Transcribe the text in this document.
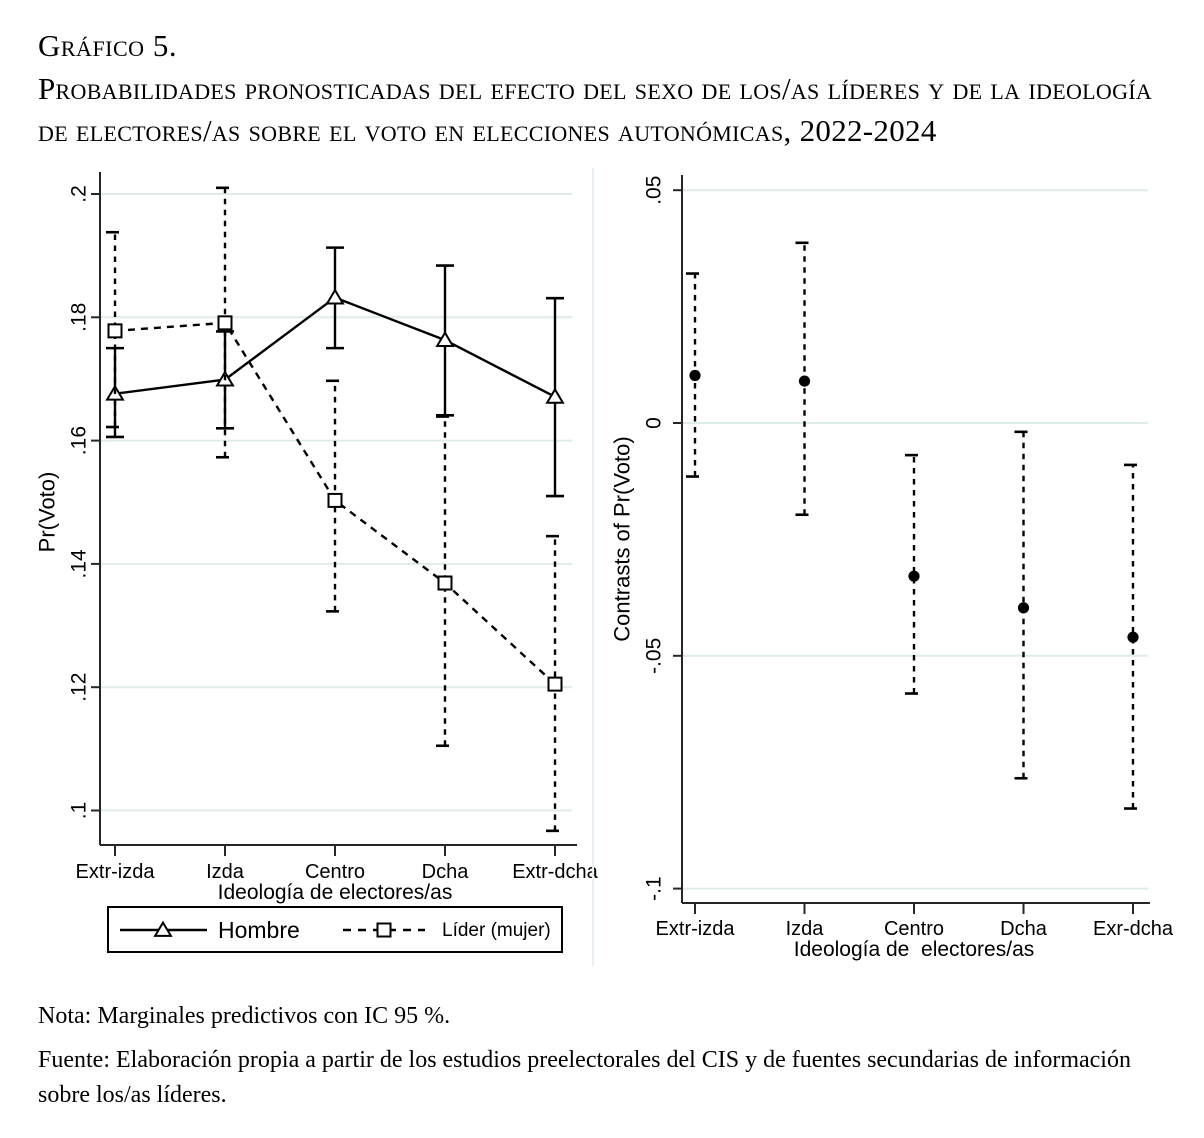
Gráfico 5.
Probabilidades pronosticadas del efecto del sexo de los/as líderes y de la ideología
de electores/as sobre el voto en elecciones autonómicas, 2022-2024
.2
.18
.16
.14
.12
.1
Extr-izda	Izda	Centro	Dcha Extr-dcha
Ideología de electores/as
Pr(Voto)
.05
0
-.05
-.1
Extr-izda	Izda	Centro	Dcha Exr-dcha
Ideología de  electores/as
Contrasts of Pr(Voto)
Hombre	Líder (mujer)
Nota: Marginales predictivos con IC 95 %.
Fuente: Elaboración propia a partir de los estudios preelectorales del CIS y de fuentes secundarias de información
sobre los/as líderes.
